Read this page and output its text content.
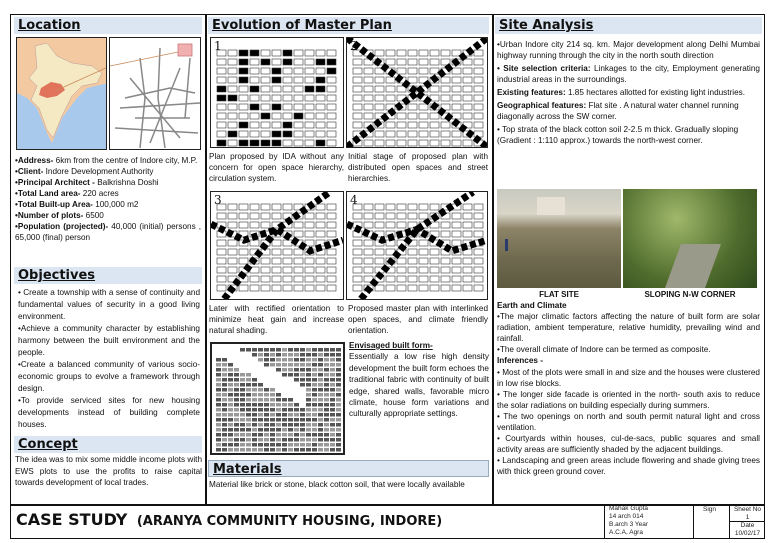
Location

•Address- 6km from the centre of Indore city, M.P.

•Client- Indore Development Authority

•Principal Architect - Balkrishna Doshi

•Total Land area- 220 acres

•Total Built-up Area- 100,000 m2

•Number of plots- 6500

•Population (projected)- 40,000 (initial) persons , 65,000 (final) person

Objectives

• Create a township with a sense of continuity and fundamental values of security in a good living environment.

•Achieve a community character by establishing harmony between the built environment and the people.

•Create a balanced community of various socio-economic groups to evolve a framework through design.

•To provide serviced sites for new housing developments instead of building complete houses.

Concept
The idea was to mix some middle income plots with EWS plots to use the profits to raise capital towards development of local trades.
Evolution of Master Plan
1	2
Plan proposed by IDA without any concern for open space hierarchy, circulation system.
Initial stage of proposed plan with distributed open spaces and street hierarchies.
3	4
Later with rectified orientation to minimize heat gain and increase natural shading.
Proposed master plan with interlinked open spaces, and climate friendly orientation.

Envisaged built form-

Essentially a low rise high density development the built form echoes the traditional fabric with continuity of built edge, shared walls, favorable micro climate, house form variations and culturally appropriate settings.

Materials
Material like brick or stone, black cotton soil, that were locally available
Site Analysis

•Urban Indore city 214 sq. km. Major development along Delhi Mumbai highway running through the city in the north south direction

• Site selection criteria: Linkages to the city, Employment generating industrial areas in the surroundings.

Existing features: 1.85 hectares allotted for existing light industries.

Geographical features: Flat site . A natural water channel running diagonally across the SW corner.

• Top strata of the black cotton soil 2-2.5 m thick. Gradually sloping (Gradient : 1:110 approx.) towards the north-west corner.

FLAT SITE	SLOPING N-W CORNER

Earth and Climate

•The major climatic factors affecting the nature of built form are solar radiation, ambient temperature, relative humidity, prevailing wind and rainfall.

•The overall climate of Indore can be termed as composite.

Inferences -

• Most of the plots were small in and size and the houses were clustered in low rise blocks.

• The longer side facade is oriented in the north- south axis to reduce the solar radiations on building especially during summers.

• The two openings on north and south permit natural light and cross ventilation.

• Courtyards within houses, cul-de-sacs, public squares and small activity areas are sufficiently shaded by the adjacent buildings.

• Landscaping and green areas include flowering and shade giving trees with thick green ground cover.

CASE STUDY (ARANYA COMMUNITY HOUSING, INDORE)
Mahak Gupta
14 arch 014
B.arch 3 Year
A.C.A, Agra
Sign	Sheet No
1
Date
10/02/17
